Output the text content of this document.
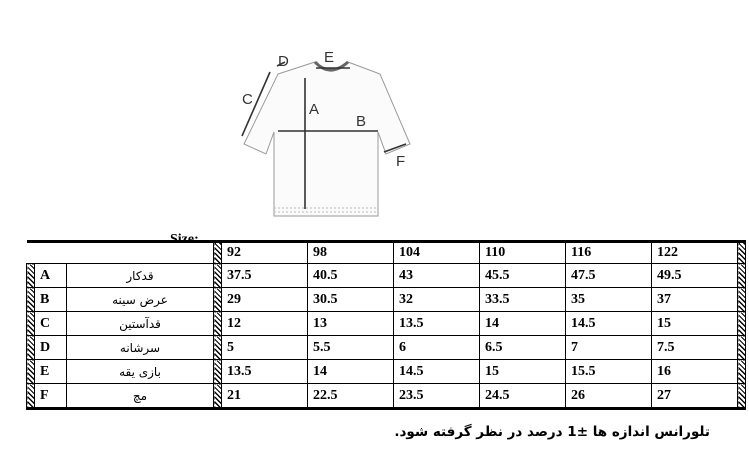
A
B
C
D E
F
Size:
				92	98	104	110	116	122	
	A	قدکار		37.5	40.5	43	45.5	47.5	49.5	
	B	عرض سینه		29	30.5	32	33.5	35	37	
	C	قدآستین		12	13	13.5	14	14.5	15	
	D	سرشانه		5	5.5	6	6.5	7	7.5	
	E	بازی یقه		13.5	14	14.5	15	15.5	16	
	F	مچ		21	22.5	23.5	24.5	26	27	
تلورانس اندازه ها ±1 درصد در نظر گرفته شود.
